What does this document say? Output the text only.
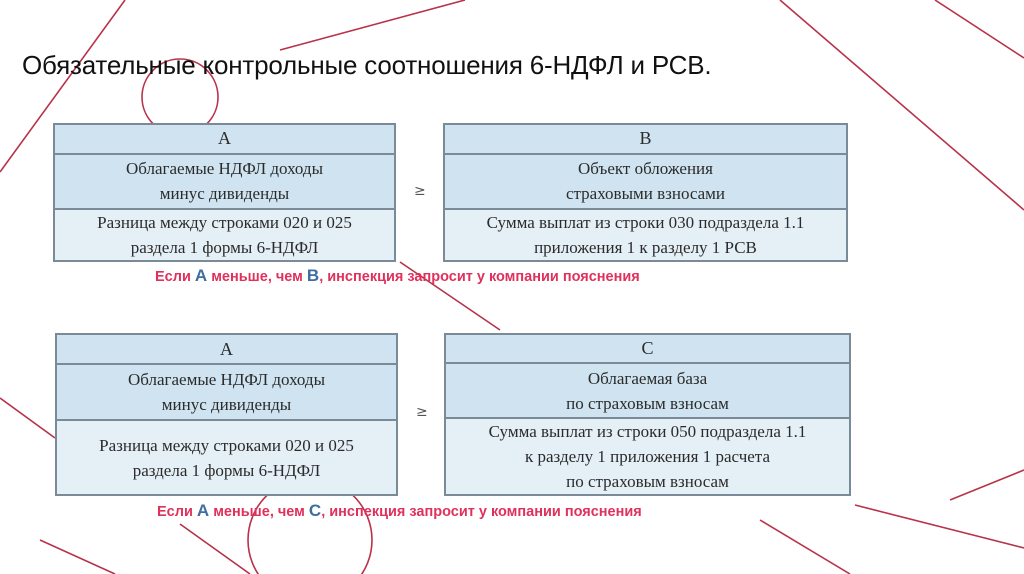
Обязательные контрольные соотношения 6-НДФЛ и РСВ.
A
Облагаемые НДФЛ доходы
минус дивиденды
Разница между строками 020 и 025
раздела 1 формы 6-НДФЛ
≥
B
Объект обложения
страховыми взносами
Сумма выплат из строки 030 подраздела 1.1
приложения 1 к разделу 1 РСВ
Если А меньше, чем В, инспекция запросит у компании пояснения
A
Облагаемые НДФЛ доходы
минус дивиденды
Разница между строками 020 и 025
раздела 1 формы 6-НДФЛ
≥
C
Облагаемая база
по страховым взносам
Сумма выплат из строки 050 подраздела 1.1
к разделу 1 приложения 1 расчета
по страховым взносам
Если А меньше, чем С, инспекция запросит у компании пояснения
